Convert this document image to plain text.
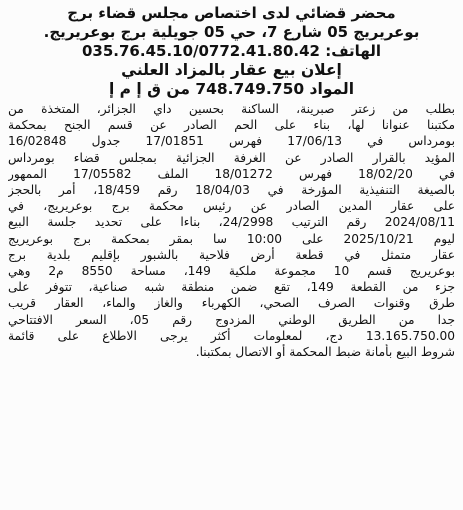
محضر قضائي لدى اختصاص مجلس قضاء برج
بوعريريج 05 شارع 7، حي 05 جويلية برج بوعريريج.
الهاتف: 035.76.45.10/0772.41.80.42
إعلان بيع عقار بالمزاد العلني
المواد 748.749.750 من ق إ م إ
بطلب من زعتر صبرينة، الساكنة بحسين داي الجزائر، المتخذة من
مكتبنا عنوانا لها، بناء على الحم الصادر عن قسم الجنح بمحكمة
بومرداس في 17/06/13 فهرس 17/01851 جدول 16/02848
المؤيد بالقرار الصادر عن الغرفة الجزائية بمجلس قضاء بومرداس
في 18/02/20 فهرس 18/01272 الملف 17/05582 الممهور
بالصيغة التنفيذية المؤرخة في 18/04/03 رقم 18/459، أمر بالحجز
على عقار المدين الصادر عن رئيس محكمة برج بوعريريج، في
2024/08/11 رقم الترتيب 24/2998، بناءا على تحديد جلسة البيع
ليوم 2025/10/21 على 10:00 سا بمقر بمحكمة برج بوعريريج
عقار متمثل في قطعة أرض فلاحية بالشبور بإقليم بلدية برج
بوعريريج قسم 10 مجموعة ملكية 149، مساحة 8550 م2 وهي
جزء من القطعة 149، تقع ضمن منطقة شبه صناعية، تتوفر على
طرق وقنوات الصرف الصحي، الكهرباء والغاز والماء، العقار قريب
جدا من الطريق الوطني المزدوج رقم 05، السعر الافتتاحي
13.165.750.00 دج، لمعلومات أكثر يرجى الاطلاع على قائمة
شروط البيع بأمانة ضبط المحكمة أو الاتصال بمكتبنا.
